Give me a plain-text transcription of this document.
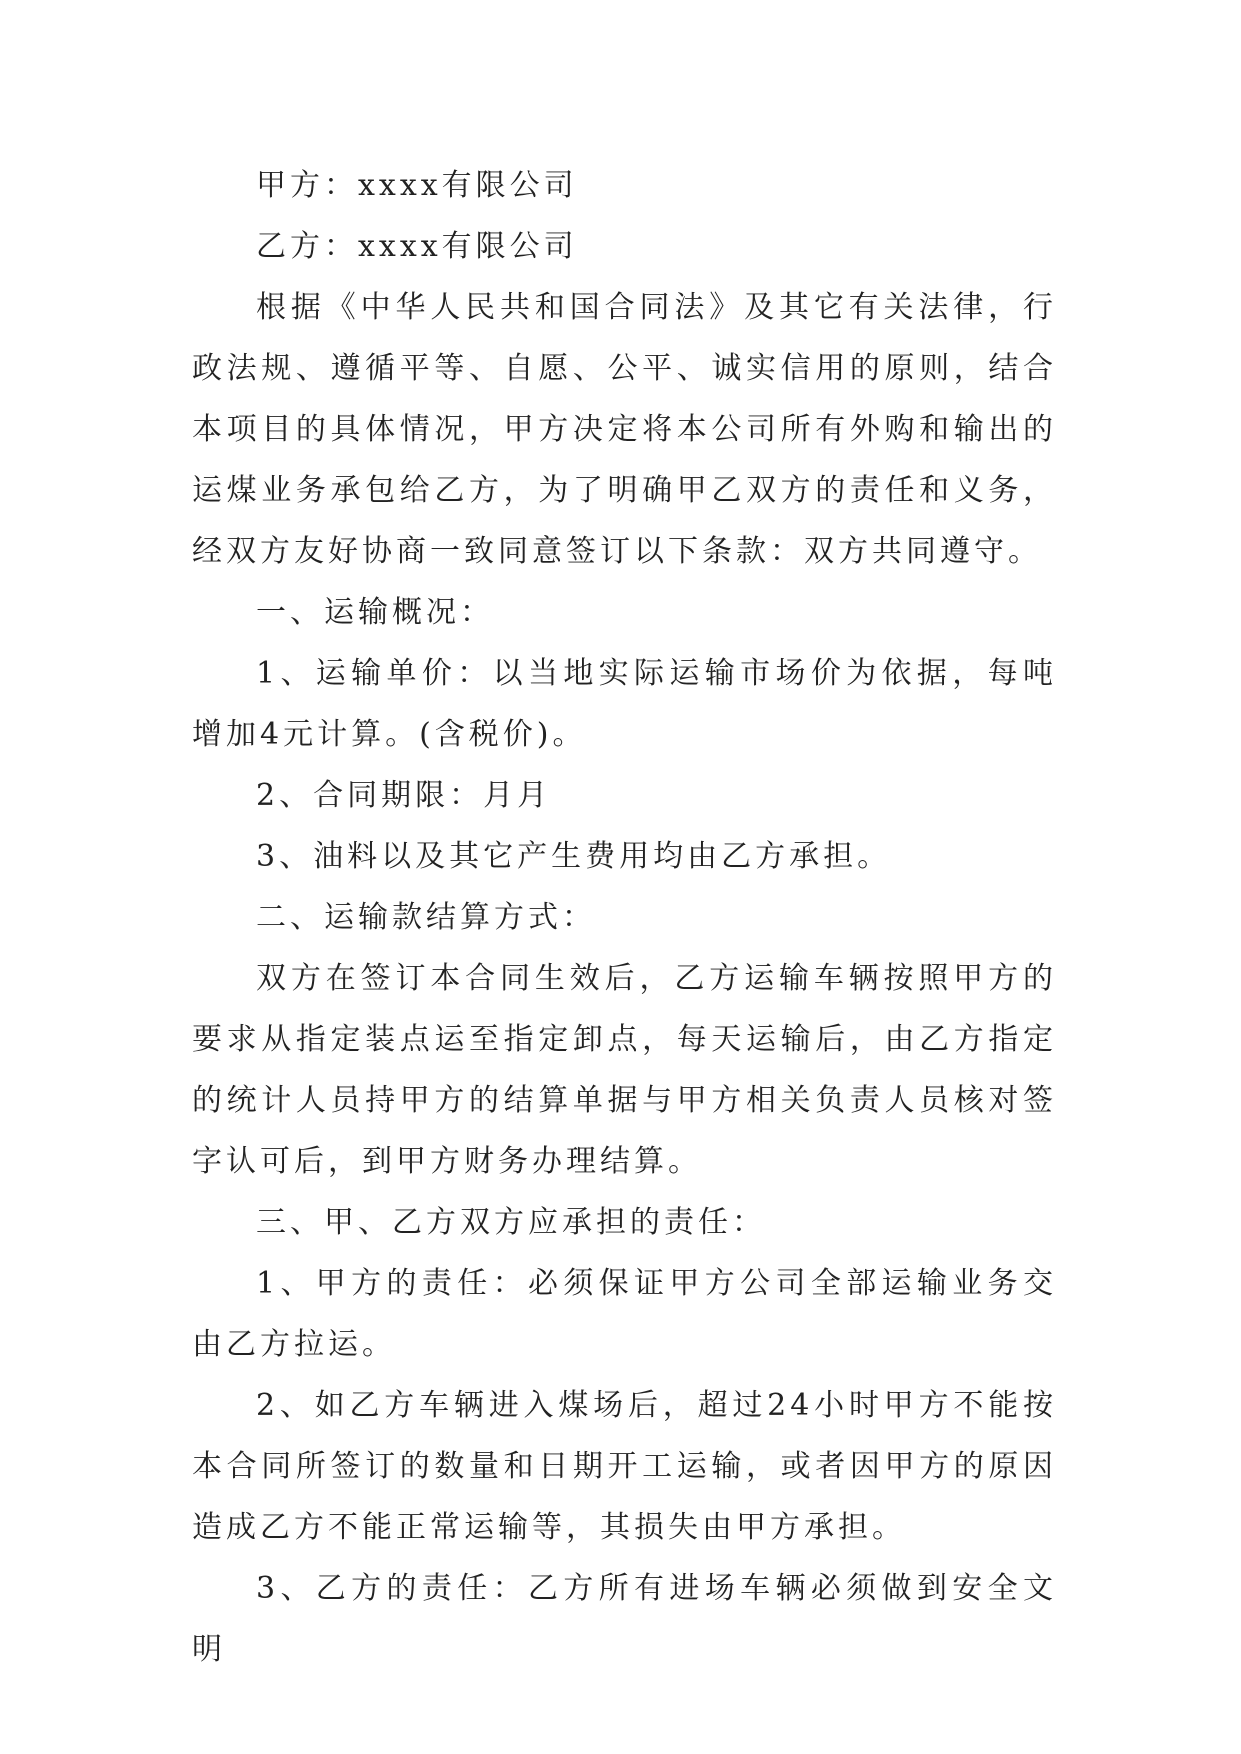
甲方：xxxx有限公司

乙方：xxxx有限公司

根据《中华人民共和国合同法》及其它有关法律，行政法规、遵循平等、自愿、公平、诚实信用的原则，结合本项目的具体情况，甲方决定将本公司所有外购和输出的运煤业务承包给乙方，为了明确甲乙双方的责任和义务，经双方友好协商一致同意签订以下条款：双方共同遵守。

一、运输概况：

1、运输单价：以当地实际运输市场价为依据，每吨增加4元计算。(含税价)。

2、合同期限：月月

3、油料以及其它产生费用均由乙方承担。

二、运输款结算方式：

双方在签订本合同生效后，乙方运输车辆按照甲方的要求从指定装点运至指定卸点，每天运输后，由乙方指定的统计人员持甲方的结算单据与甲方相关负责人员核对签字认可后，到甲方财务办理结算。

三、甲、乙方双方应承担的责任：

1、甲方的责任：必须保证甲方公司全部运输业务交由乙方拉运。

2、如乙方车辆进入煤场后，超过24小时甲方不能按本合同所签订的数量和日期开工运输，或者因甲方的原因造成乙方不能正常运输等，其损失由甲方承担。

3、乙方的责任：乙方所有进场车辆必须做到安全文明
